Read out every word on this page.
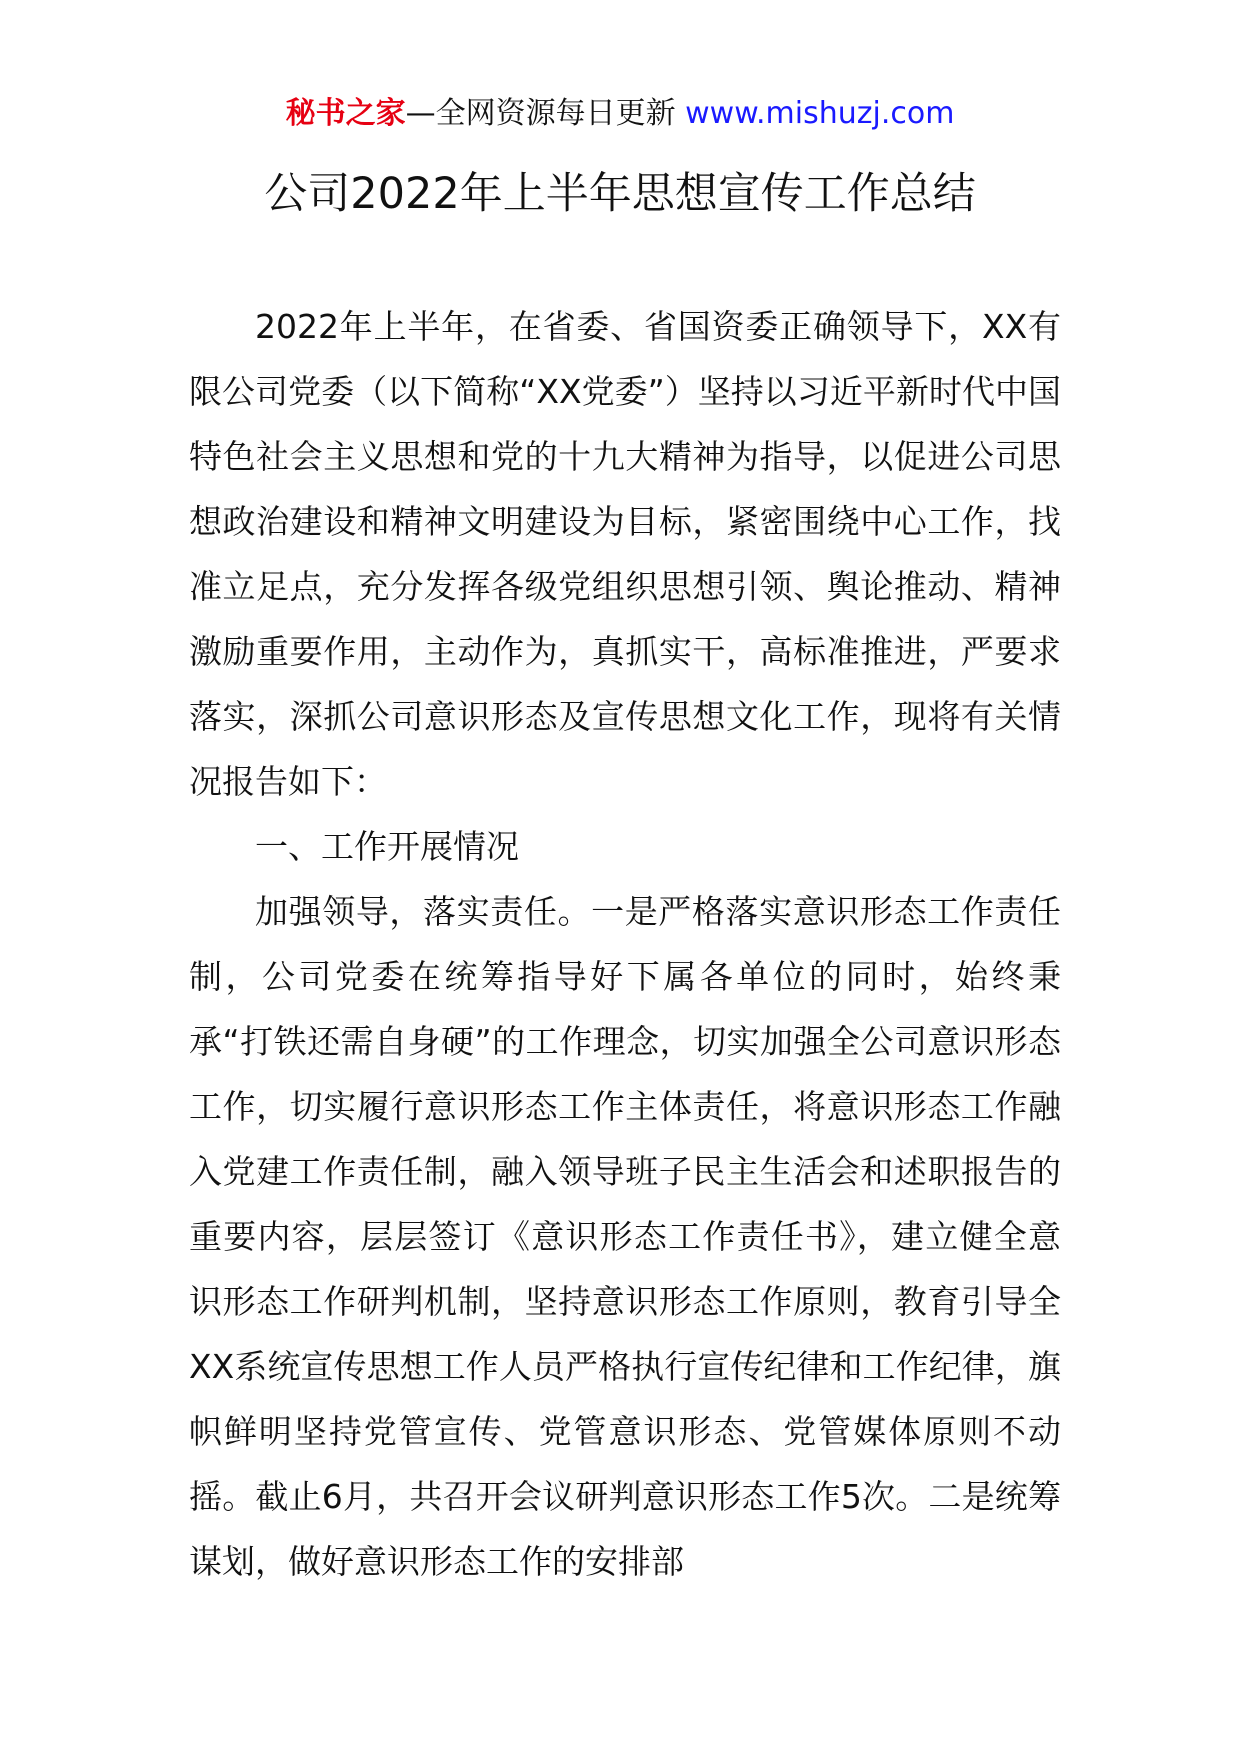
秘书之家—全网资源每日更新 www.mishuzj.com
公司2022年上半年思想宣传工作总结

2022年上半年，在省委、省国资委正确领导下，XX有限公司党委（以下简称“XX党委”）坚持以习近平新时代中国特色社会主义思想和党的十九大精神为指导，以促进公司思想政治建设和精神文明建设为目标，紧密围绕中心工作，找准立足点，充分发挥各级党组织思想引领、舆论推动、精神激励重要作用，主动作为，真抓实干，高标准推进，严要求落实，深抓公司意识形态及宣传思想文化工作，现将有关情况报告如下：

一、工作开展情况

加强领导，落实责任。一是严格落实意识形态工作责任制，公司党委在统筹指导好下属各单位的同时，始终秉承“打铁还需自身硬”的工作理念，切实加强全公司意识形态工作，切实履行意识形态工作主体责任，将意识形态工作融入党建工作责任制，融入领导班子民主生活会和述职报告的重要内容，层层签订《意识形态工作责任书》，建立健全意识形态工作研判机制，坚持意识形态工作原则，教育引导全XX系统宣传思想工作人员严格执行宣传纪律和工作纪律，旗帜鲜明坚持党管宣传、党管意识形态、党管媒体原则不动摇。截止6月，共召开会议研判意识形态工作5次。二是统筹谋划，做好意识形态工作的安排部
